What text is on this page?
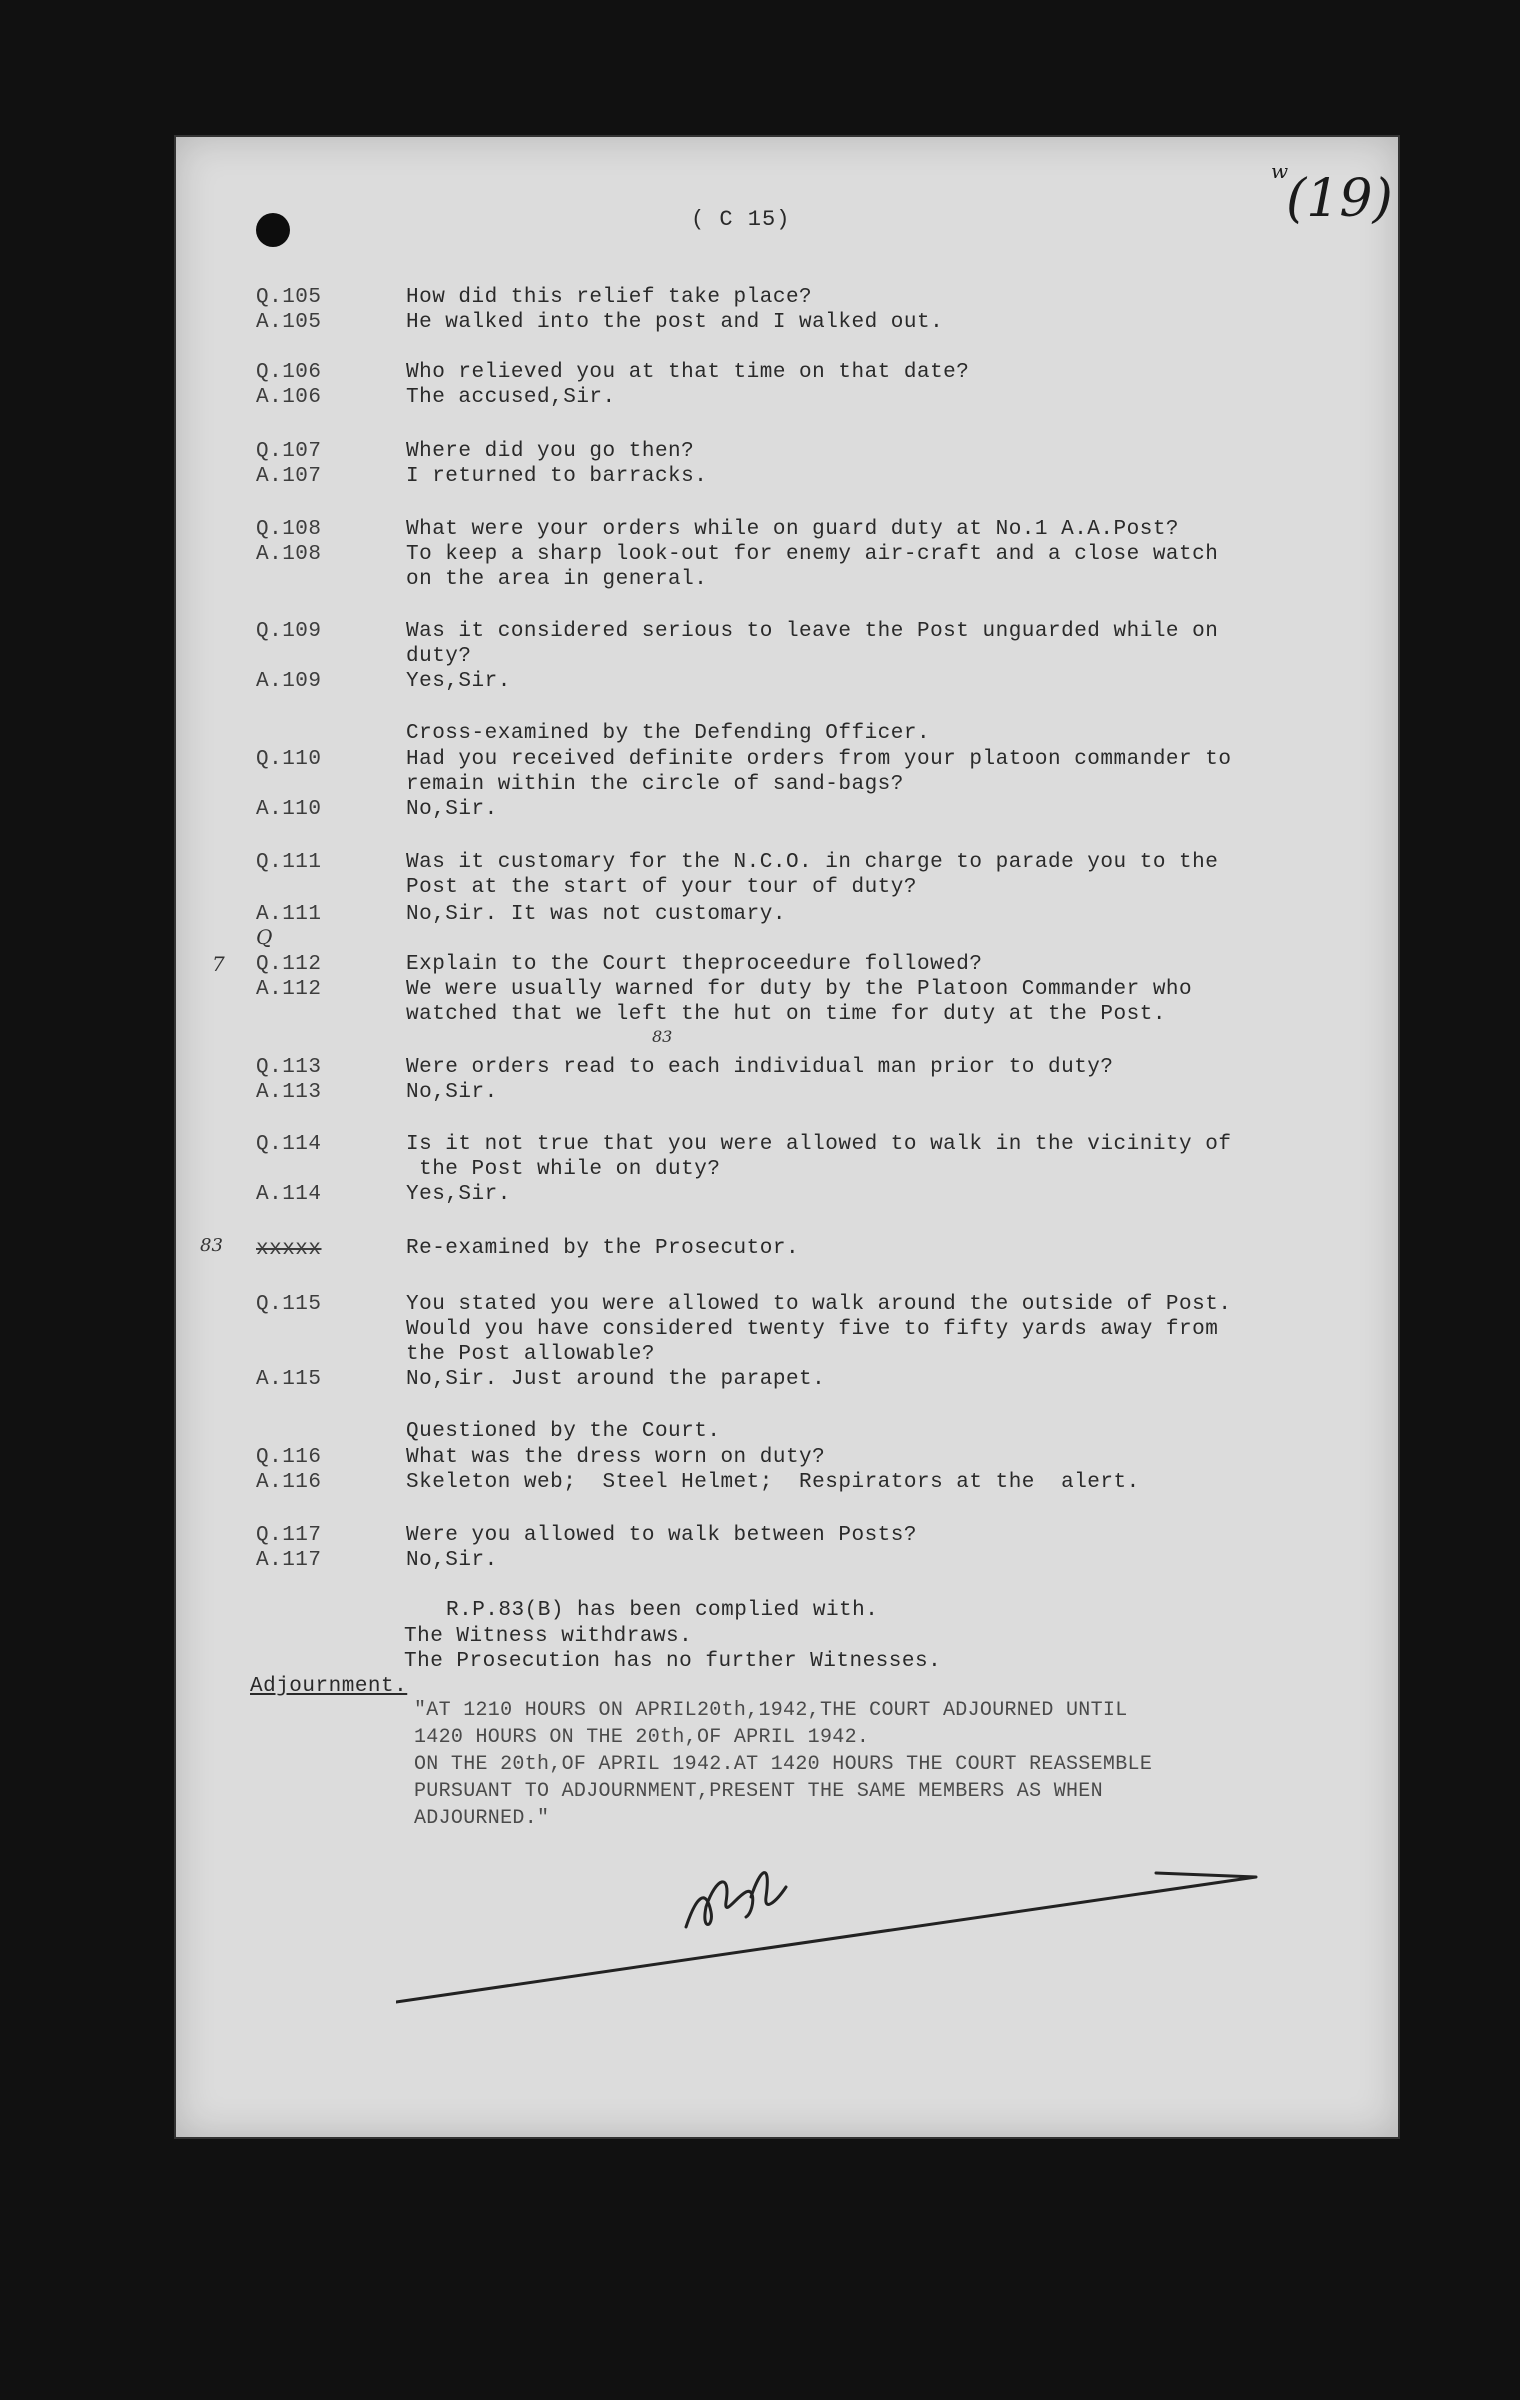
( C 15)
w
(19)
Q.105	How did this relief take place?
A.105	He walked into the post and I walked out.
Q.106	Who relieved you at that time on that date?
A.106	The accused,Sir.
Q.107	Where did you go then?
A.107	I returned to barracks.
Q.108	What were your orders while on guard duty at No.1 A.A.Post?
A.108	To keep a sharp look-out for enemy air-craft and a close watch
on the area in general.
Q.109	Was it considered serious to leave the Post unguarded while on
duty?
A.109	Yes,Sir.
Cross-examined by the Defending Officer.
Q.110	Had you received definite orders from your platoon commander to
remain within the circle of sand-bags?
A.110	No,Sir.
Q.111	Was it customary for the N.C.O. in charge to parade you to the
Post at the start of your tour of duty?
A.111	No,Sir. It was not customary.
Q
7 Q.112	Explain to the Court theproceedure followed?
A.112	We were usually warned for duty by the Platoon Commander who
watched that we left the hut on time for duty at the Post.
83
Q.113	Were orders read to each individual man prior to duty?
A.113	No,Sir.
Q.114	Is it not true that you were allowed to walk in the vicinity of
the Post while on duty?
A.114	Yes,Sir.
83 xxxxx	Re-examined by the Prosecutor.
Q.115	You stated you were allowed to walk around the outside of Post.
Would you have considered twenty five to fifty yards away from
the Post allowable?
A.115	No,Sir. Just around the parapet.
Questioned by the Court.
Q.116	What was the dress worn on duty?
A.116	Skeleton web;  Steel Helmet;  Respirators at the  alert.
Q.117	Were you allowed to walk between Posts?
A.117	No,Sir.
R.P.83(B) has been complied with.
The Witness withdraws.
The Prosecution has no further Witnesses.
Adjournment.
"AT 1210 HOURS ON APRIL20th,1942,THE COURT ADJOURNED UNTIL
1420 HOURS ON THE 20th,OF APRIL 1942.
ON THE 20th,OF APRIL 1942.AT 1420 HOURS THE COURT REASSEMBLE
PURSUANT TO ADJOURNMENT,PRESENT THE SAME MEMBERS AS WHEN
ADJOURNED."
